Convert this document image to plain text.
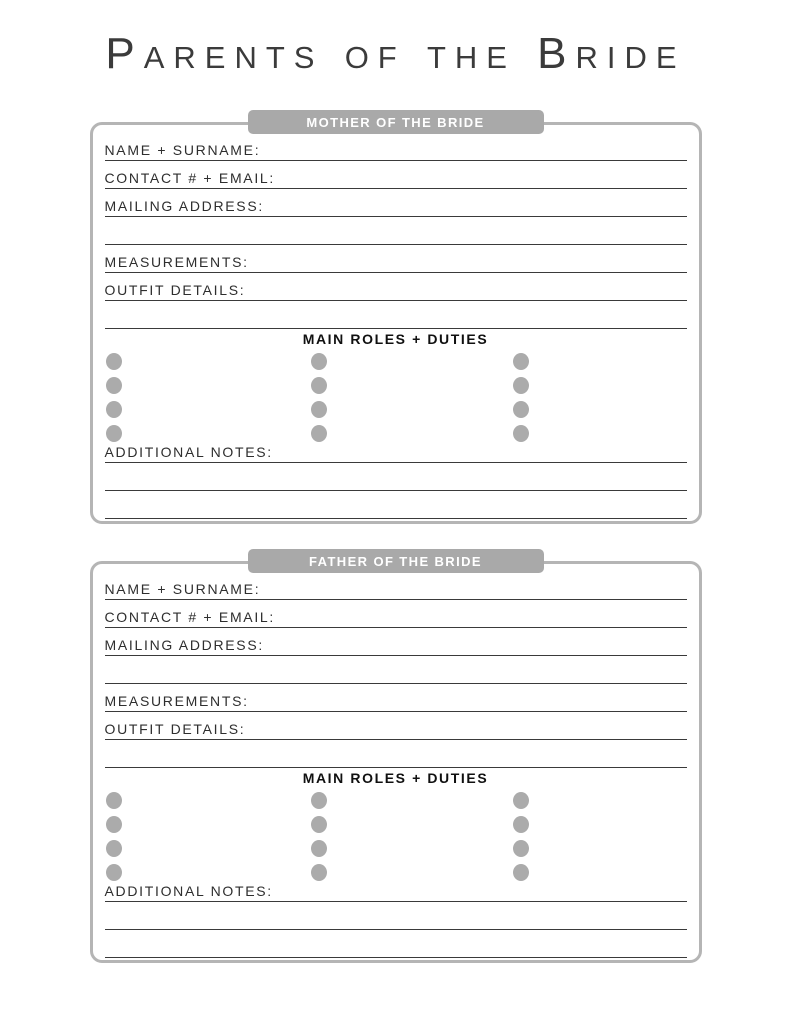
Parents of the Bride
MOTHER OF THE BRIDE
NAME + SURNAME:
CONTACT # + EMAIL:
MAILING ADDRESS:
MEASUREMENTS:
OUTFIT DETAILS:
MAIN ROLES + DUTIES
ADDITIONAL NOTES:
FATHER OF THE BRIDE
NAME + SURNAME:
CONTACT # + EMAIL:
MAILING ADDRESS:
MEASUREMENTS:
OUTFIT DETAILS:
MAIN ROLES + DUTIES
ADDITIONAL NOTES:
